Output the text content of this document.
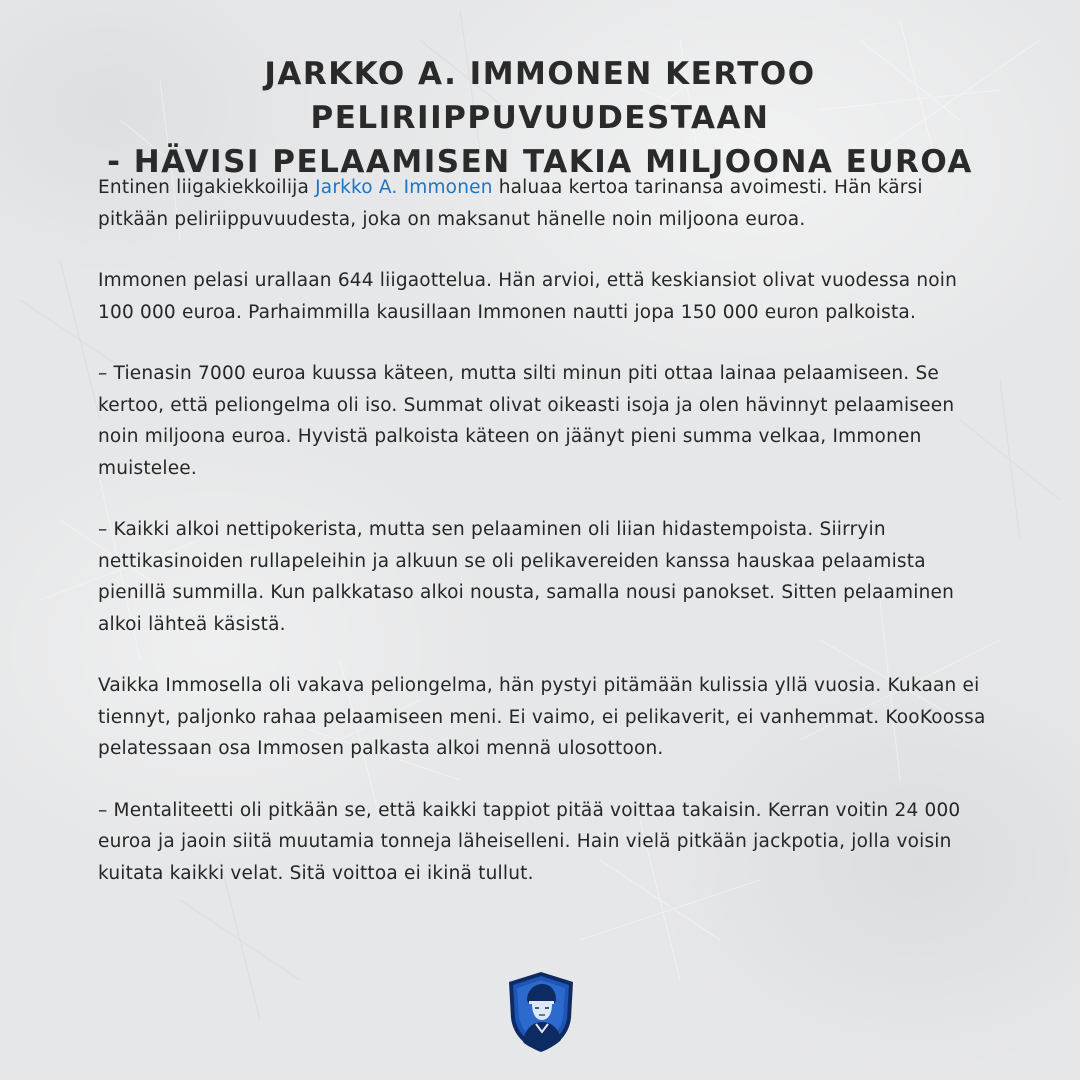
JARKKO A. IMMONEN KERTOO PELIRIIPPUVUUDESTAAN
- HÄVISI PELAAMISEN TAKIA MILJOONA EUROA

Entinen liigakiekkoilija Jarkko A. Immonen haluaa kertoa tarinansa avoimesti. Hän kärsi pitkään peliriippuvuudesta, joka on maksanut hänelle noin miljoona euroa.

Immonen pelasi urallaan 644 liigaottelua. Hän arvioi, että keskiansiot olivat vuodessa noin 100 000 euroa. Parhaimmilla kausillaan Immonen nautti jopa 150 000 euron palkoista.

– Tienasin 7000 euroa kuussa käteen, mutta silti minun piti ottaa lainaa pelaamiseen. Se kertoo, että peliongelma oli iso. Summat olivat oikeasti isoja ja olen hävinnyt pelaamiseen noin miljoona euroa. Hyvistä palkoista käteen on jäänyt pieni summa velkaa, Immonen muistelee.

– Kaikki alkoi nettipokerista, mutta sen pelaaminen oli liian hidastempoista. Siirryin nettikasinoiden rullapeleihin ja alkuun se oli pelikavereiden kanssa hauskaa pelaamista pienillä summilla. Kun palkkataso alkoi nousta, samalla nousi panokset. Sitten pelaaminen alkoi lähteä käsistä.

Vaikka Immosella oli vakava peliongelma, hän pystyi pitämään kulissia yllä vuosia. Kukaan ei tiennyt, paljonko rahaa pelaamiseen meni. Ei vaimo, ei pelikaverit, ei vanhemmat. KooKoossa pelatessaan osa Immosen palkasta alkoi mennä ulosottoon.

– Mentaliteetti oli pitkään se, että kaikki tappiot pitää voittaa takaisin. Kerran voitin 24 000 euroa ja jaoin siitä muutamia tonneja läheiselleni. Hain vielä pitkään jackpotia, jolla voisin kuitata kaikki velat. Sitä voittoa ei ikinä tullut.
